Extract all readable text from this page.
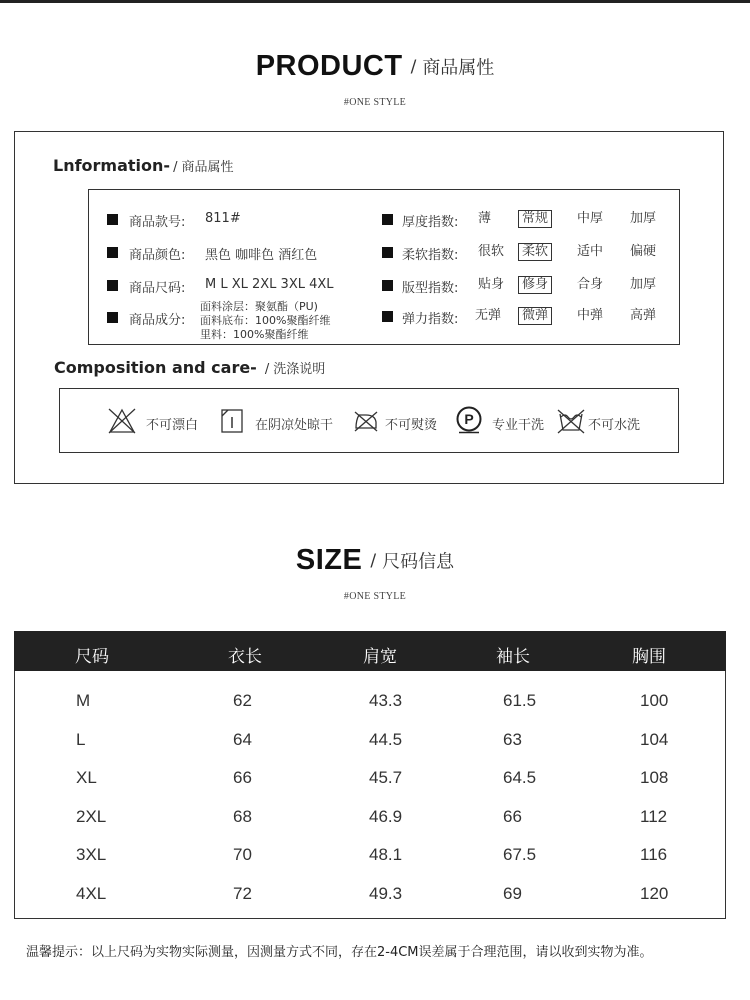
PRODUCT / 商品属性
#ONE STYLE
Lnformation- / 商品属性
商品款号: 811#
商品颜色: 黑色 咖啡色 酒红色
商品尺码: M L XL 2XL 3XL 4XL
商品成分:
面料涂层：聚氨酯（PU)
面料底布：100%聚酯纤维
里料：100%聚酯纤维
厚度指数: 薄	常规	中厚 加厚
柔软指数: 很软	柔软	适中 偏硬
版型指数: 贴身	修身	合身 加厚
弹力指数: 无弹	微弹	中弹 高弹
Composition and care- / 洗涤说明
不可漂白	在阴凉处晾干	不可熨烫 P 专业干洗	不可水洗
SIZE / 尺码信息
#ONE STYLE
尺码	衣长	肩宽	袖长	胸围
M	62	43.3	61.5	100
L	64	44.5	63	104
XL	66	45.7	64.5	108
2XL	68	46.9	66	112
3XL	70	48.1	67.5	116
4XL	72	49.3	69	120
温馨提示：以上尺码为实物实际测量，因测量方式不同，存在2-4CM误差属于合理范围，请以收到实物为准。
